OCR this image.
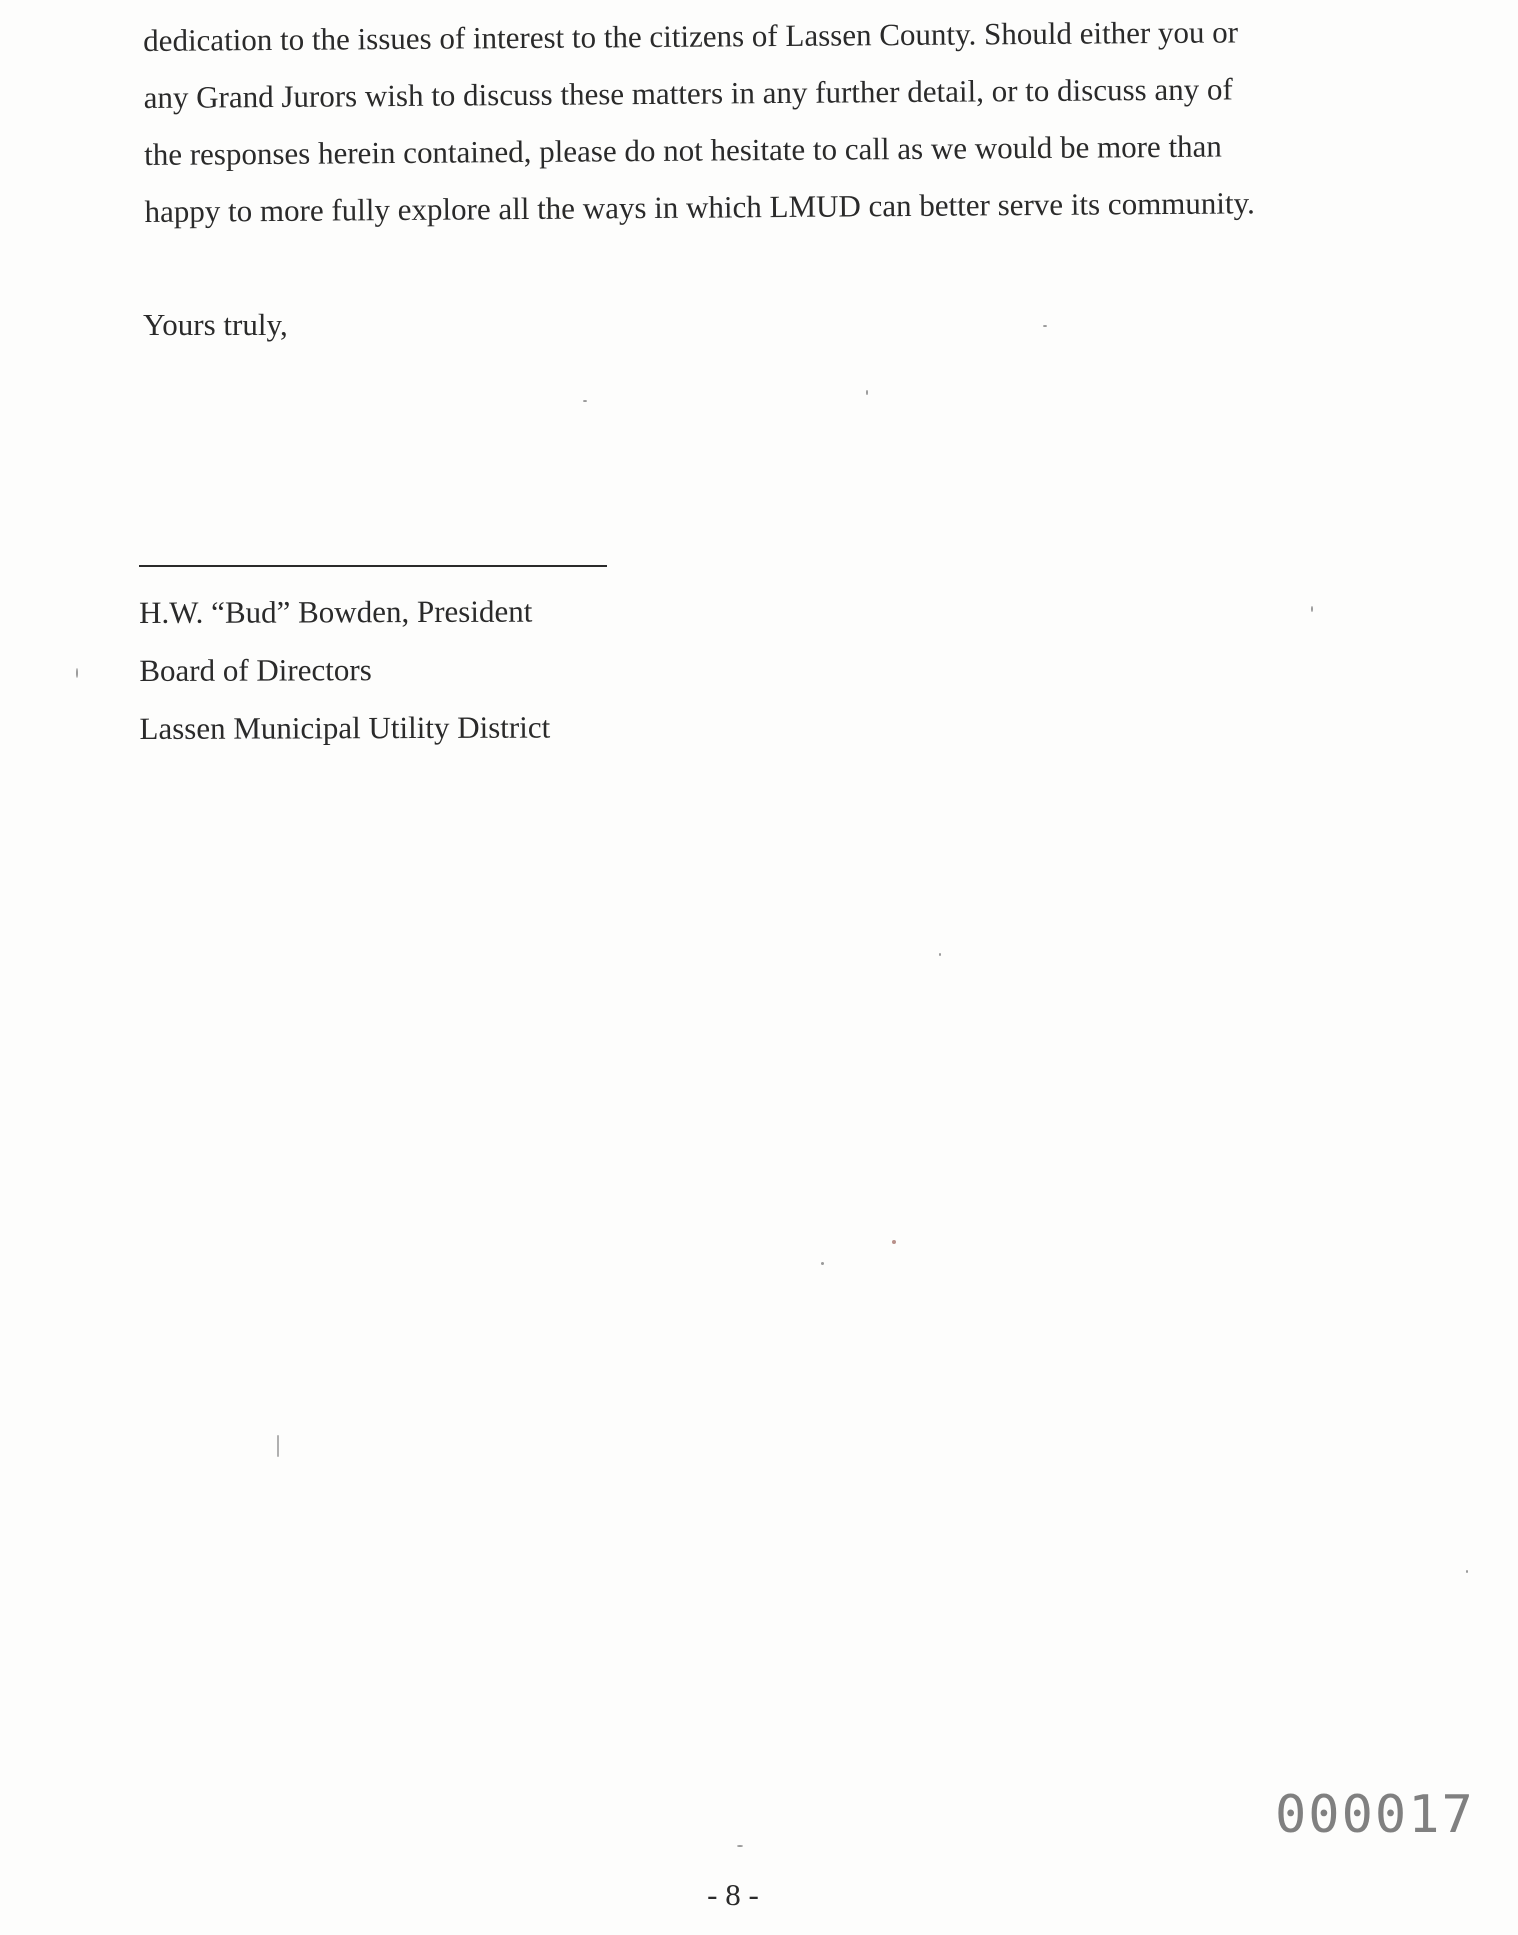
dedication to the issues of interest to the citizens of Lassen County. Should either you or
any Grand Jurors wish to discuss these matters in any further detail, or to discuss any of
the responses herein contained, please do not hesitate to call as we would be more than
happy to more fully explore all the ways in which LMUD can better serve its community.
Yours truly,
H.W. “Bud” Bowden, President
Board of Directors
Lassen Municipal Utility District
000017
- 8 -
